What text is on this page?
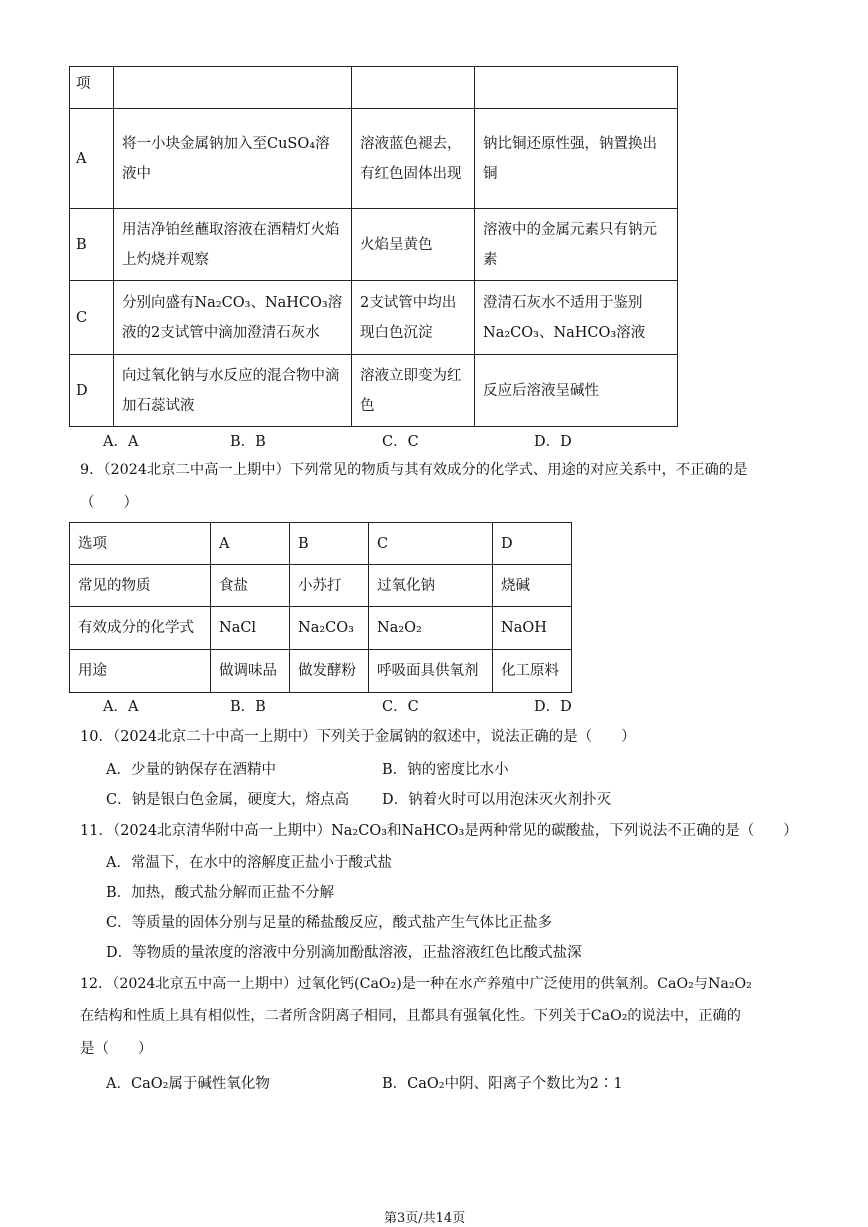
项			
A	将一小块金属钠加入至CuSO₄溶液中	溶液蓝色褪去，有红色固体出现	钠比铜还原性强，钠置换出铜
B	用洁净铂丝蘸取溶液在酒精灯火焰上灼烧并观察	火焰呈黄色	溶液中的金属元素只有钠元素
C	分别向盛有Na₂CO₃、NaHCO₃溶液的2支试管中滴加澄清石灰水	2支试管中均出现白色沉淀	澄清石灰水不适用于鉴别Na₂CO₃、NaHCO₃溶液
D	向过氧化钠与水反应的混合物中滴加石蕊试液	溶液立即变为红色	反应后溶液呈碱性
A．A	B．B	C．C	D．D
9．（2024北京二中高一上期中）下列常见的物质与其有效成分的化学式、用途的对应关系中，不正确的是
（　　）
选项	A	B	C	D
常见的物质	食盐	小苏打	过氧化钠	烧碱
有效成分的化学式	NaCl	Na₂CO₃	Na₂O₂	NaOH
用途	做调味品	做发酵粉	呼吸面具供氧剂	化工原料
A．A	B．B	C．C	D．D
10．（2024北京二十中高一上期中）下列关于金属钠的叙述中，说法正确的是（　　）
A．少量的钠保存在酒精中	B．钠的密度比水小
C．钠是银白色金属，硬度大，熔点高 D．钠着火时可以用泡沫灭火剂扑灭
11．（2024北京清华附中高一上期中）Na₂CO₃和NaHCO₃是两种常见的碳酸盐，下列说法不正确的是（　　）
A．常温下，在水中的溶解度正盐小于酸式盐
B．加热，酸式盐分解而正盐不分解
C．等质量的固体分别与足量的稀盐酸反应，酸式盐产生气体比正盐多
D．等物质的量浓度的溶液中分别滴加酚酞溶液，正盐溶液红色比酸式盐深
12．（2024北京五中高一上期中）过氧化钙(CaO₂)是一种在水产养殖中广泛使用的供氧剂。CaO₂与Na₂O₂
在结构和性质上具有相似性，二者所含阴离子相同，且都具有强氧化性。下列关于CaO₂的说法中，正确的
是（　　）
A．CaO₂属于碱性氧化物	B．CaO₂中阴、阳离子个数比为2∶1
第3页/共14页
